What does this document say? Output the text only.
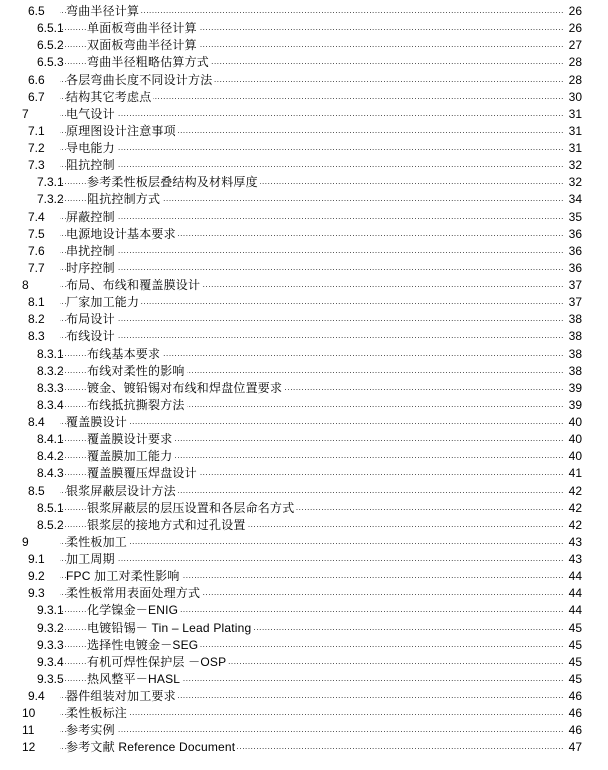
6.5 弯曲半径计算 .....	26
6.5.1 单面板弯曲半径计算 .....	26
6.5.2 双面板弯曲半径计算 .....	27
6.5.3 弯曲半径粗略估算方式 .....	28
6.6 各层弯曲长度不同设计方法 .....	28
6.7 结构其它考虑点 .....	30
7	电气设计 .....	31
7.1 原理图设计注意事项 .....	31
7.2 导电能力 .....	31
7.3 阻抗控制 .....	32
7.3.1 参考柔性板层叠结构及材料厚度 .....	32
7.3.2 阻抗控制方式 .....	34
7.4 屏蔽控制 .....	35
7.5 电源地设计基本要求 .....	36
7.6 串扰控制 .....	36
7.7 时序控制 .....	36
8	布局、布线和覆盖膜设计 .....	37
8.1 厂家加工能力 .....	37
8.2 布局设计 .....	38
8.3 布线设计 .....	38
8.3.1 布线基本要求 .....	38
8.3.2 布线对柔性的影响 .....	38
8.3.3 镀金、镀铅锡对布线和焊盘位置要求 .....	39
8.3.4 布线抵抗撕裂方法 .....	39
8.4 覆盖膜设计 .....	40
8.4.1 覆盖膜设计要求 .....	40
8.4.2 覆盖膜加工能力 .....	40
8.4.3 覆盖膜覆压焊盘设计 .....	41
8.5 银浆屏蔽层设计方法 .....	42
8.5.1 银浆屏蔽层的层压设置和各层命名方式 .....	42
8.5.2 银浆层的接地方式和过孔设置 .....	42
9	柔性板加工 .....	43
9.1 加工周期 .....	43
9.2 FPC 加工对柔性影响 .....	44
9.3 柔性板常用表面处理方式 .....	44
9.3.1 化学镍金－ENIG .....	44
9.3.2 电镀铅锡－ Tin – Lead Plating .....	45
9.3.3 选择性电镀金－SEG .....	45
9.3.4 有机可焊性保护层 －OSP .....	45
9.3.5 热风整平－HASL .....	45
9.4 器件组装对加工要求 .....	46
10	柔性板标注 .....	46
11	参考实例 .....	46
12	参考文献 Reference Document .....	47
